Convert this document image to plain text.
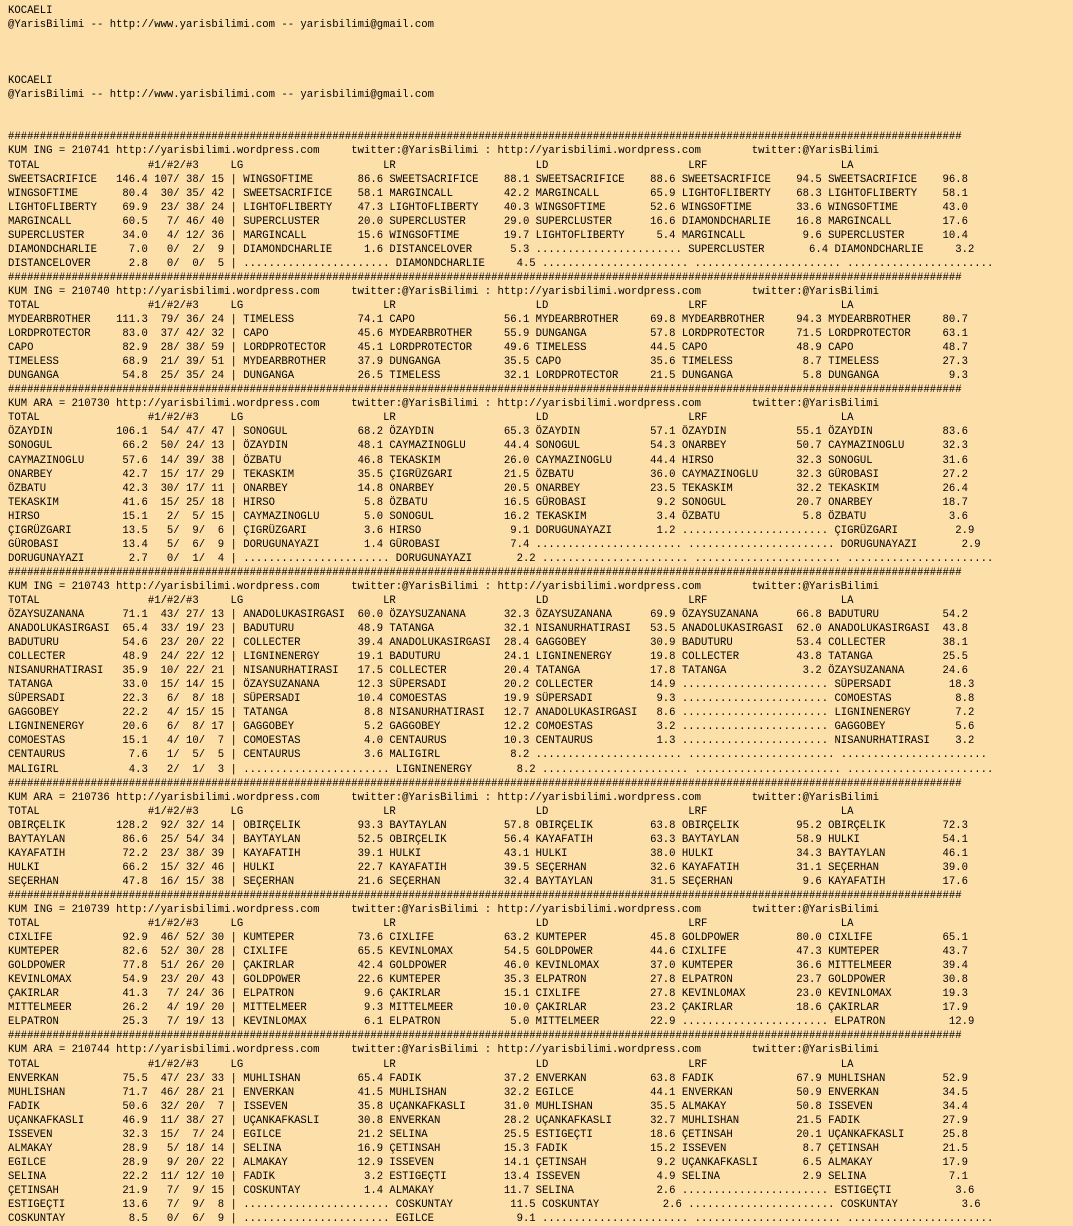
KOCAELI
@YarisBilimi -- http://www.yarisbilimi.com -- yarisbilimi@gmail.com

KOCAELI
@YarisBilimi -- http://www.yarisbilimi.com -- yarisbilimi@gmail.com

######################################################################################################################################################
KUM ING = 210741 http://yarisbilimi.wordpress.com     twitter:@YarisBilimi : http://yarisbilimi.wordpress.com        twitter:@YarisBilimi
TOTAL                 #1/#2/#3     LG                      LR                      LD                      LRF                     LA
SWEETSACRIFICE   146.4 107/ 38/ 15 | WINGSOFTIME       86.6 SWEETSACRIFICE    88.1 SWEETSACRIFICE    88.6 SWEETSACRIFICE    94.5 SWEETSACRIFICE    96.8
WINGSOFTIME       80.4  30/ 35/ 42 | SWEETSACRIFICE    58.1 MARGINCALL        42.2 MARGINCALL        65.9 LIGHTOFLIBERTY    68.3 LIGHTOFLIBERTY    58.1
LIGHTOFLIBERTY    69.9  23/ 38/ 24 | LIGHTOFLIBERTY    47.3 LIGHTOFLIBERTY    40.3 WINGSOFTIME       52.6 WINGSOFTIME       33.6 WINGSOFTIME       43.0
MARGINCALL        60.5   7/ 46/ 40 | SUPERCLUSTER      20.0 SUPERCLUSTER      29.0 SUPERCLUSTER      16.6 DIAMONDCHARLIE    16.8 MARGINCALL        17.6
SUPERCLUSTER      34.0   4/ 12/ 36 | MARGINCALL        15.6 WINGSOFTIME       19.7 LIGHTOFLIBERTY     5.4 MARGINCALL         9.6 SUPERCLUSTER      10.4
DIAMONDCHARLIE     7.0   0/  2/  9 | DIAMONDCHARLIE     1.6 DISTANCELOVER      5.3 ....................... SUPERCLUSTER       6.4 DIAMONDCHARLIE     3.2
DISTANCELOVER      2.8   0/  0/  5 | ....................... DIAMONDCHARLIE     4.5 ....................... ....................... .......................
######################################################################################################################################################
KUM ING = 210740 http://yarisbilimi.wordpress.com     twitter:@YarisBilimi : http://yarisbilimi.wordpress.com        twitter:@YarisBilimi
TOTAL                 #1/#2/#3     LG                      LR                      LD                      LRF                     LA
MYDEARBROTHER    111.3  79/ 36/ 24 | TIMELESS          74.1 CAPO              56.1 MYDEARBROTHER     69.8 MYDEARBROTHER     94.3 MYDEARBROTHER     80.7
LORDPROTECTOR     83.0  37/ 42/ 32 | CAPO              45.6 MYDEARBROTHER     55.9 DUNGANGA          57.8 LORDPROTECTOR     71.5 LORDPROTECTOR     63.1
CAPO              82.9  28/ 38/ 59 | LORDPROTECTOR     45.1 LORDPROTECTOR     49.6 TIMELESS          44.5 CAPO              48.9 CAPO              48.7
TIMELESS          68.9  21/ 39/ 51 | MYDEARBROTHER     37.9 DUNGANGA          35.5 CAPO              35.6 TIMELESS           8.7 TIMELESS          27.3
DUNGANGA          54.8  25/ 35/ 24 | DUNGANGA          26.5 TIMELESS          32.1 LORDPROTECTOR     21.5 DUNGANGA           5.8 DUNGANGA           9.3
######################################################################################################################################################
KUM ARA = 210730 http://yarisbilimi.wordpress.com     twitter:@YarisBilimi : http://yarisbilimi.wordpress.com        twitter:@YarisBilimi
TOTAL                 #1/#2/#3     LG                      LR                      LD                      LRF                     LA
ÖZAYDIN          106.1  54/ 47/ 47 | SONOGUL           68.2 ÖZAYDIN           65.3 ÖZAYDIN           57.1 ÖZAYDIN           55.1 ÖZAYDIN           83.6
SONOGUL           66.2  50/ 24/ 13 | ÖZAYDIN           48.1 CAYMAZINOGLU      44.4 SONOGUL           54.3 ONARBEY           50.7 CAYMAZINOGLU      32.3
CAYMAZINOGLU      57.6  14/ 39/ 38 | ÖZBATU            46.8 TEKASKIM          26.0 CAYMAZINOGLU      44.4 HIRSO             32.3 SONOGUL           31.6
ONARBEY           42.7  15/ 17/ 29 | TEKASKIM          35.5 ÇIGRÜZGARI        21.5 ÖZBATU            36.0 CAYMAZINOGLU      32.3 GÜROBASI          27.2
ÖZBATU            42.3  30/ 17/ 11 | ONARBEY           14.8 ONARBEY           20.5 ONARBEY           23.5 TEKASKIM          32.2 TEKASKIM          26.4
TEKASKIM          41.6  15/ 25/ 18 | HIRSO              5.8 ÖZBATU            16.5 GÜROBASI           9.2 SONOGUL           20.7 ONARBEY           18.7
HIRSO             15.1   2/  5/ 15 | CAYMAZINOGLU       5.0 SONOGUL           16.2 TEKASKIM           3.4 ÖZBATU             5.8 ÖZBATU             3.6
ÇIGRÜZGARI        13.5   5/  9/  6 | ÇIGRÜZGARI         3.6 HIRSO              9.1 DORUGUNAYAZI       1.2 ....................... ÇIGRÜZGARI         2.9
GÜROBASI          13.4   5/  6/  9 | DORUGUNAYAZI       1.4 GÜROBASI           7.4 ....................... ....................... DORUGUNAYAZI       2.9
DORUGUNAYAZI       2.7   0/  1/  4 | ....................... DORUGUNAYAZI       2.2 ....................... ....................... .......................
######################################################################################################################################################
KUM ING = 210743 http://yarisbilimi.wordpress.com     twitter:@YarisBilimi : http://yarisbilimi.wordpress.com        twitter:@YarisBilimi
TOTAL                 #1/#2/#3     LG                      LR                      LD                      LRF                     LA
ÖZAYSUZANANA      71.1  43/ 27/ 13 | ANADOLUKASIRGASI  60.0 ÖZAYSUZANANA      32.3 ÖZAYSUZANANA      69.9 ÖZAYSUZANANA      66.8 BADUTURU          54.2
ANADOLUKASIRGASI  65.4  33/ 19/ 23 | BADUTURU          48.9 TATANGA           32.1 NISANURHATIRASI   53.5 ANADOLUKASIRGASI  62.0 ANADOLUKASIRGASI  43.8
BADUTURU          54.6  23/ 20/ 22 | COLLECTER         39.4 ANADOLUKASIRGASI  28.4 GAGGOBEY          30.9 BADUTURU          53.4 COLLECTER         38.1
COLLECTER         48.9  24/ 22/ 12 | LIGNINENERGY      19.1 BADUTURU          24.1 LIGNINENERGY      19.8 COLLECTER         43.8 TATANGA           25.5
NISANURHATIRASI   35.9  10/ 22/ 21 | NISANURHATIRASI   17.5 COLLECTER         20.4 TATANGA           17.8 TATANGA            3.2 ÖZAYSUZANANA      24.6
TATANGA           33.0  15/ 14/ 15 | ÖZAYSUZANANA      12.3 SÜPERSADI         20.2 COLLECTER         14.9 ....................... SÜPERSADI         18.3
SÜPERSADI         22.3   6/  8/ 18 | SÜPERSADI         10.4 COMOESTAS         19.9 SÜPERSADI          9.3 ....................... COMOESTAS          8.8
GAGGOBEY          22.2   4/ 15/ 15 | TATANGA            8.8 NISANURHATIRASI   12.7 ANADOLUKASIRGASI   8.6 ....................... LIGNINENERGY       7.2
LIGNINENERGY      20.6   6/  8/ 17 | GAGGOBEY           5.2 GAGGOBEY          12.2 COMOESTAS          3.2 ....................... GAGGOBEY           5.6
COMOESTAS         15.1   4/ 10/  7 | COMOESTAS          4.0 CENTAURUS         10.3 CENTAURUS          1.3 ....................... NISANURHATIRASI    3.2
CENTAURUS          7.6   1/  5/  5 | CENTAURUS          3.6 MALIGIRL           8.2 ....................... ....................... .......................
MALIGIRL           4.3   2/  1/  3 | ....................... LIGNINENERGY       8.2 ....................... ....................... .......................
######################################################################################################################################################
KUM ARA = 210736 http://yarisbilimi.wordpress.com     twitter:@YarisBilimi : http://yarisbilimi.wordpress.com        twitter:@YarisBilimi
TOTAL                 #1/#2/#3     LG                      LR                      LD                      LRF                     LA
OBIRÇELIK        128.2  92/ 32/ 14 | OBIRÇELIK         93.3 BAYTAYLAN         57.8 OBIRÇELIK         63.8 OBIRÇELIK         95.2 OBIRÇELIK         72.3
BAYTAYLAN         86.6  25/ 54/ 34 | BAYTAYLAN         52.5 OBIRÇELIK         56.4 KAYAFATIH         63.3 BAYTAYLAN         58.9 HULKI             54.1
KAYAFATIH         72.2  23/ 38/ 39 | KAYAFATIH         39.1 HULKI             43.1 HULKI             38.0 HULKI             34.3 BAYTAYLAN         46.1
HULKI             66.2  15/ 32/ 46 | HULKI             22.7 KAYAFATIH         39.5 SEÇERHAN          32.6 KAYAFATIH         31.1 SEÇERHAN          39.0
SEÇERHAN          47.8  16/ 15/ 38 | SEÇERHAN          21.6 SEÇERHAN          32.4 BAYTAYLAN         31.5 SEÇERHAN           9.6 KAYAFATIH         17.6
######################################################################################################################################################
KUM ING = 210739 http://yarisbilimi.wordpress.com     twitter:@YarisBilimi : http://yarisbilimi.wordpress.com        twitter:@YarisBilimi
TOTAL                 #1/#2/#3     LG                      LR                      LD                      LRF                     LA
CIXLIFE           92.9  46/ 52/ 30 | KUMTEPER          73.6 CIXLIFE           63.2 KUMTEPER          45.8 GOLDPOWER         80.0 CIXLIFE           65.1
KUMTEPER          82.6  52/ 30/ 28 | CIXLIFE           65.5 KEVINLOMAX        54.5 GOLDPOWER         44.6 CIXLIFE           47.3 KUMTEPER          43.7
GOLDPOWER         77.8  51/ 26/ 20 | ÇAKIRLAR          42.4 GOLDPOWER         46.0 KEVINLOMAX        37.0 KUMTEPER          36.6 MITTELMEER        39.4
KEVINLOMAX        54.9  23/ 20/ 43 | GOLDPOWER         22.6 KUMTEPER          35.3 ELPATRON          27.8 ELPATRON          23.7 GOLDPOWER         30.8
ÇAKIRLAR          41.3   7/ 24/ 36 | ELPATRON           9.6 ÇAKIRLAR          15.1 CIXLIFE           27.8 KEVINLOMAX        23.0 KEVINLOMAX        19.3
MITTELMEER        26.2   4/ 19/ 20 | MITTELMEER         9.3 MITTELMEER        10.0 ÇAKIRLAR          23.2 ÇAKIRLAR          18.6 ÇAKIRLAR          17.9
ELPATRON          25.3   7/ 19/ 13 | KEVINLOMAX         6.1 ELPATRON           5.0 MITTELMEER        22.9 ....................... ELPATRON          12.9
######################################################################################################################################################
KUM ARA = 210744 http://yarisbilimi.wordpress.com     twitter:@YarisBilimi : http://yarisbilimi.wordpress.com        twitter:@YarisBilimi
TOTAL                 #1/#2/#3     LG                      LR                      LD                      LRF                     LA
ENVERKAN          75.5  47/ 23/ 33 | MUHLISHAN         65.4 FADIK             37.2 ENVERKAN          63.8 FADIK             67.9 MUHLISHAN         52.9
MUHLISHAN         71.7  46/ 28/ 21 | ENVERKAN          41.5 MUHLISHAN         32.2 EGILCE            44.1 ENVERKAN          50.9 ENVERKAN          34.5
FADIK             50.6  32/ 20/  7 | ISSEVEN           35.8 UÇANKAFKASLI      31.0 MUHLISHAN         35.5 ALMAKAY           50.8 ISSEVEN           34.4
UÇANKAFKASLI      46.9  11/ 38/ 27 | UÇANKAFKASLI      30.8 ENVERKAN          28.2 UÇANKAFKASLI      32.7 MUHLISHAN         21.5 FADIK             27.9
ISSEVEN           32.3  15/  7/ 24 | EGILCE            21.2 SELINA            25.5 ESTIGEÇTI         18.6 ÇETINSAH          20.1 UÇANKAFKASLI      25.8
ALMAKAY           28.9   5/ 18/ 14 | SELINA            16.9 ÇETINSAH          15.3 FADIK             15.2 ISSEVEN            8.7 ÇETINSAH          21.5
EGILCE            28.9   9/ 20/ 22 | ALMAKAY           12.9 ISSEVEN           14.1 ÇETINSAH           9.2 UÇANKAFKASLI       6.5 ALMAKAY           17.9
SELINA            22.2  11/ 12/ 10 | FADIK              3.2 ESTIGEÇTI         13.4 ISSEVEN            4.9 SELINA             2.9 SELINA             7.1
ÇETINSAH          21.9   7/  9/ 15 | COSKUNTAY          1.4 ALMAKAY           11.7 SELINA             2.6 ....................... ESTIGEÇTI          3.6
ESTIGEÇTI         13.6   7/  9/  8 | ....................... COSKUNTAY         11.5 COSKUNTAY          2.6 ....................... COSKUNTAY          3.6
COSKUNTAY          8.5   0/  6/  9 | ....................... EGILCE             9.1 ....................... ....................... .......................
